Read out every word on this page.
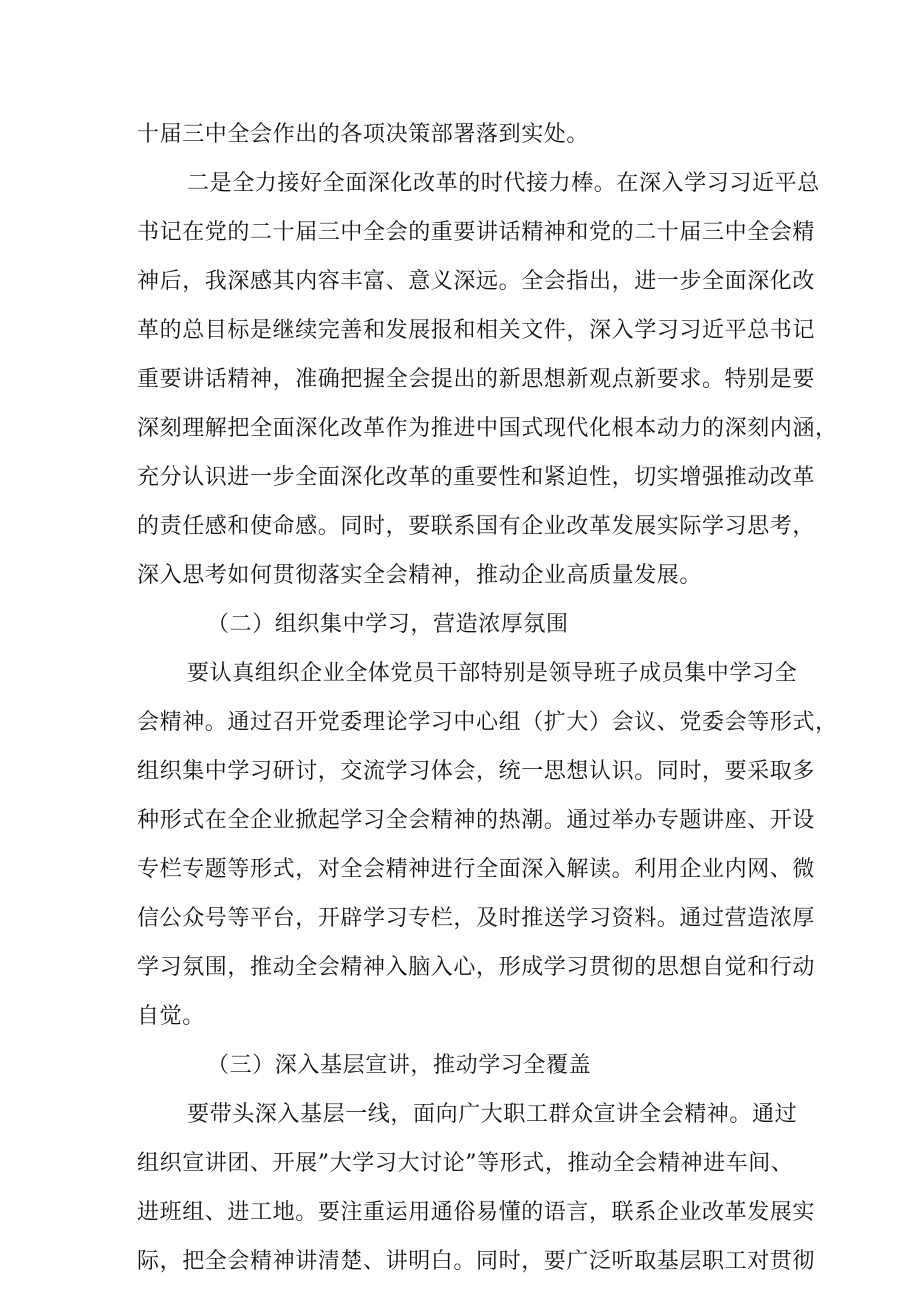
十届三中全会作出的各项决策部署落到实处。
二是全力接好全面深化改革的时代接力棒。在深入学习习近平总
书记在党的二十届三中全会的重要讲话精神和党的二十届三中全会精
神后，我深感其内容丰富、意义深远。全会指出，进一步全面深化改
革的总目标是继续完善和发展报和相关文件，深入学习习近平总书记
重要讲话精神，准确把握全会提出的新思想新观点新要求。特别是要
深刻理解把全面深化改革作为推进中国式现代化根本动力的深刻内涵，
充分认识进一步全面深化改革的重要性和紧迫性，切实增强推动改革
的责任感和使命感。同时，要联系国有企业改革发展实际学习思考，
深入思考如何贯彻落实全会精神，推动企业高质量发展。
（二）组织集中学习，营造浓厚氛围
要认真组织企业全体党员干部特别是领导班子成员集中学习全
会精神。通过召开党委理论学习中心组（扩大）会议、党委会等形式，
组织集中学习研讨，交流学习体会，统一思想认识。同时，要采取多
种形式在全企业掀起学习全会精神的热潮。通过举办专题讲座、开设
专栏专题等形式，对全会精神进行全面深入解读。利用企业内网、微
信公众号等平台，开辟学习专栏，及时推送学习资料。通过营造浓厚
学习氛围，推动全会精神入脑入心，形成学习贯彻的思想自觉和行动
自觉。
（三）深入基层宣讲，推动学习全覆盖
要带头深入基层一线，面向广大职工群众宣讲全会精神。通过
组织宣讲团、开展”大学习大讨论”等形式，推动全会精神进车间、
进班组、进工地。要注重运用通俗易懂的语言，联系企业改革发展实
际，把全会精神讲清楚、讲明白。同时，要广泛听取基层职工对贯彻
